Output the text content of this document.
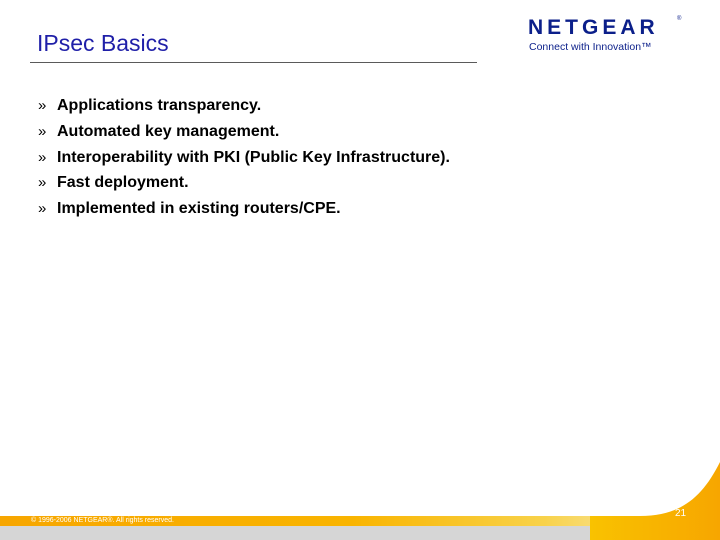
IPsec Basics
NETGEAR	®
Connect with Innovation™
» Applications transparency.
» Automated key management.
» Interoperability with PKI (Public Key Infrastructure).
» Fast deployment.
» Implemented in existing routers/CPE.
© 1996-2006 NETGEAR®. All rights reserved.
21
